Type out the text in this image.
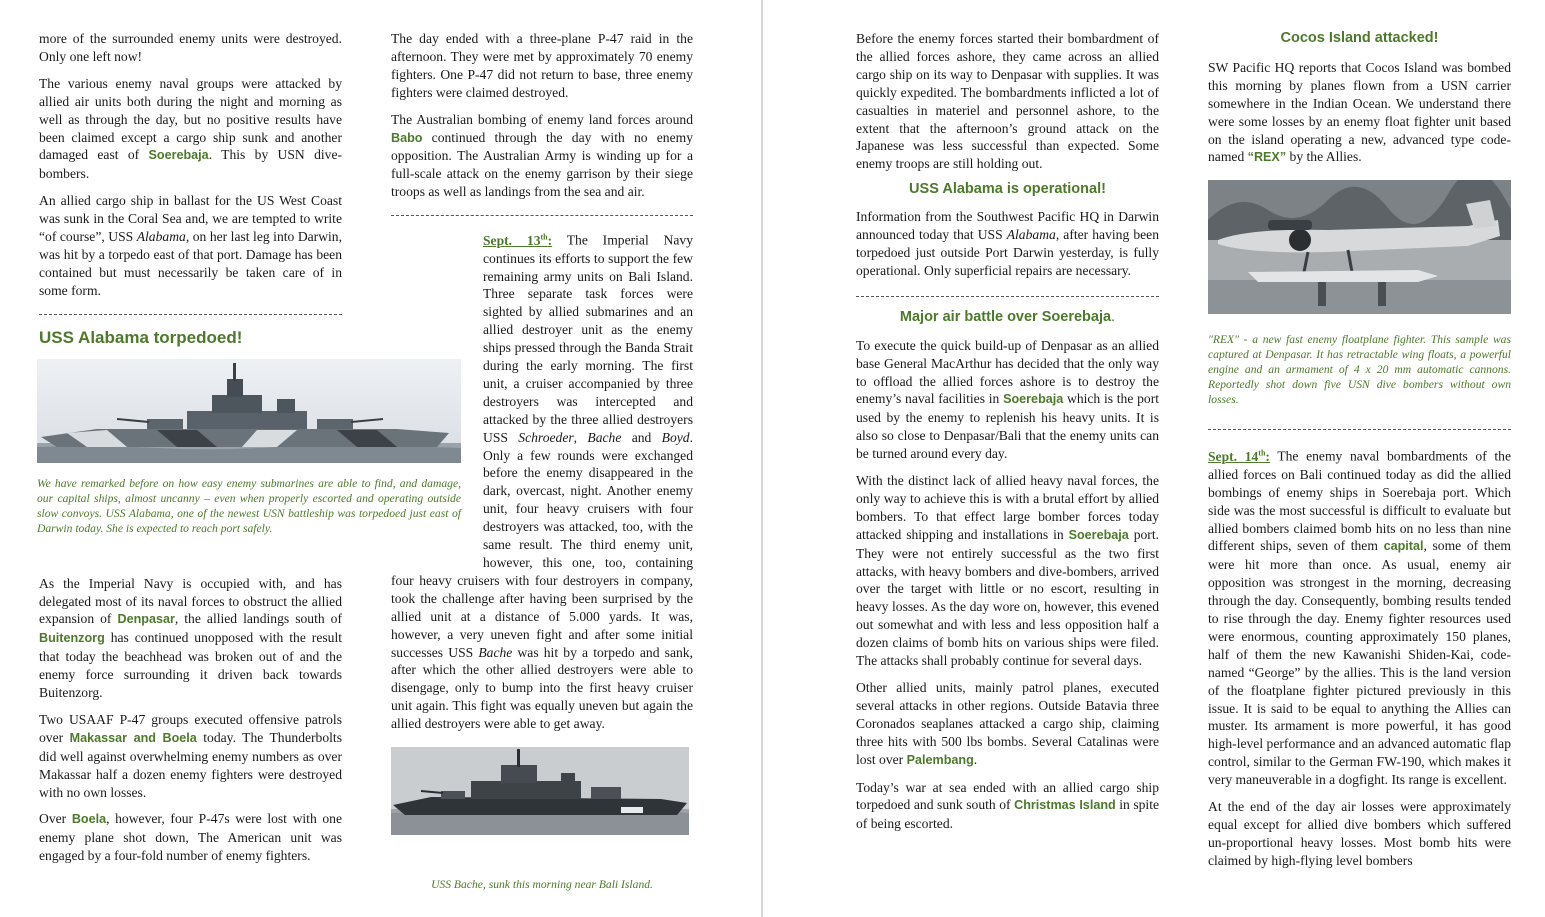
more of the surrounded enemy units were destroyed. Only one left now!

The various enemy naval groups were attacked by allied air units both during the night and morning as well as through the day, but no positive results have been claimed except a cargo ship sunk and another damaged east of Soerebaja. This by USN dive-bombers.

An allied cargo ship in ballast for the US West Coast was sunk in the Coral Sea and, we are tempted to write “of course”, USS Alabama, on her last leg into Darwin, was hit by a torpedo east of that port. Damage has been contained but must necessarily be taken care of in some form.

USS Alabama torpedoed!

We have remarked before on how easy enemy submarines are able to find, and damage, our capital ships, almost uncanny – even when properly escorted and operating outside slow convoys. USS Alabama, one of the newest USN battleship was torpedoed just east of Darwin today. She is expected to reach port safely.

As the Imperial Navy is occupied with, and has delegated most of its naval forces to obstruct the allied expansion of Denpasar, the allied landings south of Buitenzorg has continued unopposed with the result that today the beachhead was broken out of and the enemy force surrounding it driven back towards Buitenzorg.

Two USAAF P-47 groups executed offensive patrols over Makassar and Boela today. The Thunderbolts did well against overwhelming enemy numbers as over Makassar half a dozen enemy fighters were destroyed with no own losses.

Over Boela, however, four P-47s were lost with one enemy plane shot down, The American unit was engaged by a four-fold number of enemy fighters.

The day ended with a three-plane P-47 raid in the afternoon. They were met by approximately 70 enemy fighters. One P-47 did not return to base, three enemy fighters were claimed destroyed.

The Australian bombing of enemy land forces around Babo continued through the day with no enemy opposition. The Australian Army is winding up for a full-scale attack on the enemy garrison by their siege troops as well as landings from the sea and air.

Sept. 13th: The Imperial Navy continues its efforts to support the few remaining army units on Bali Island. Three separate task forces were sighted by allied submarines and an allied destroyer unit as the enemy ships pressed through the Banda Strait during the early morning. The first unit, a cruiser accompanied by three destroyers was intercepted and attacked by the three allied destroyers USS Schroeder, Bache and Boyd. Only a few rounds were exchanged before the enemy disappeared in the dark, overcast, night. Another enemy unit, four heavy cruisers with four destroyers was attacked, too, with the same result. The third enemy unit, however, this one, too, containing four heavy cruisers with four destroyers in company, took the challenge after having been surprised by the allied unit at a distance of 5.000 yards. It was, however, a very uneven fight and after some initial successes USS Bache was hit by a torpedo and sank, after which the other allied destroyers were able to disengage, only to bump into the first heavy cruiser unit again. This fight was equally uneven but again the allied destroyers were able to get away.

USS Bache, sunk this morning near Bali Island.

Before the enemy forces started their bombardment of the allied forces ashore, they came across an allied cargo ship on its way to Denpasar with supplies. It was quickly expedited. The bombardments inflicted a lot of casualties in materiel and personnel ashore, to the extent that the afternoon’s ground attack on the Japanese was less successful than expected. Some enemy troops are still holding out.

USS Alabama is operational!

Information from the Southwest Pacific HQ in Darwin announced today that USS Alabama, after having been torpedoed just outside Port Darwin yesterday, is fully operational. Only superficial repairs are necessary.

Major air battle over Soerebaja.

To execute the quick build-up of Denpasar as an allied base General MacArthur has decided that the only way to offload the allied forces ashore is to destroy the enemy’s naval facilities in Soerebaja which is the port used by the enemy to replenish his heavy units. It is also so close to Denpasar/Bali that the enemy units can be turned around every day.

With the distinct lack of allied heavy naval forces, the only way to achieve this is with a brutal effort by allied bombers. To that effect large bomber forces today attacked shipping and installations in Soerebaja port. They were not entirely successful as the two first attacks, with heavy bombers and dive-bombers, arrived over the target with little or no escort, resulting in heavy losses. As the day wore on, however, this evened out somewhat and with less and less opposition half a dozen claims of bomb hits on various ships were filed. The attacks shall probably continue for several days.

Other allied units, mainly patrol planes, executed several attacks in other regions. Outside Batavia three Coronados seaplanes attacked a cargo ship, claiming three hits with 500 lbs bombs. Several Catalinas were lost over Palembang.

Today’s war at sea ended with an allied cargo ship torpedoed and sunk south of Christmas Island in spite of being escorted.

Cocos Island attacked!

SW Pacific HQ reports that Cocos Island was bombed this morning by planes flown from a USN carrier somewhere in the Indian Ocean. We understand there were some losses by an enemy float fighter unit based on the island operating a new, advanced type code-named “REX” by the Allies.

"REX" - a new fast enemy floatplane fighter. This sample was captured at Denpasar. It has retractable wing floats, a powerful engine and an armament of 4 x 20 mm automatic cannons. Reportedly shot down five USN dive bombers without own losses.

Sept. 14th: The enemy naval bombardments of the allied forces on Bali continued today as did the allied bombings of enemy ships in Soerebaja port. Which side was the most successful is difficult to evaluate but allied bombers claimed bomb hits on no less than nine different ships, seven of them capital, some of them were hit more than once. As usual, enemy air opposition was strongest in the morning, decreasing through the day. Consequently, bombing results tended to rise through the day. Enemy fighter resources used were enormous, counting approximately 150 planes, half of them the new Kawanishi Shiden-Kai, code-named “George” by the allies. This is the land version of the floatplane fighter pictured previously in this issue. It is said to be equal to anything the Allies can muster. Its armament is more powerful, it has good high-level performance and an advanced automatic flap control, similar to the German FW-190, which makes it very maneuverable in a dogfight. Its range is excellent.

At the end of the day air losses were approximately equal except for allied dive bombers which suffered un-proportional heavy losses. Most bomb hits were claimed by high-flying level bombers
